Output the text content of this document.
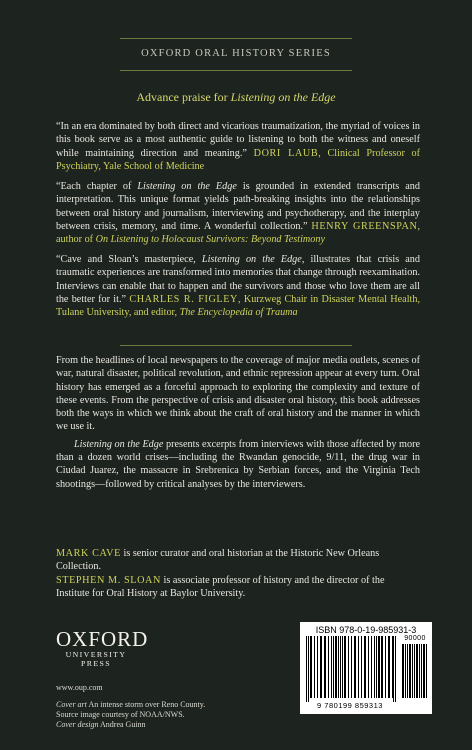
OXFORD ORAL HISTORY SERIES
Advance praise for Listening on the Edge
“In an era dominated by both direct and vicarious traumatization, the myriad of voices in this book serve as a most authentic guide to listening to both the witness and oneself while maintaining direction and meaning.” DORI LAUB, Clinical Professor of Psychiatry, Yale School of Medicine
“Each chapter of Listening on the Edge is grounded in extended transcripts and interpretation. This unique format yields path-breaking insights into the relationships between oral history and journalism, interviewing and psychotherapy, and the interplay between crisis, memory, and time. A wonderful collection.” HENRY GREENSPAN, author of On Listening to Holocaust Survivors: Beyond Testimony
“Cave and Sloan’s masterpiece, Listening on the Edge, illustrates that crisis and traumatic experiences are transformed into memories that change through reexamination. Interviews can enable that to happen and the survivors and those who love them are all the better for it.” CHARLES R. FIGLEY, Kurzweg Chair in Disaster Mental Health, Tulane University, and editor, The Encyclopedia of Trauma

From the headlines of local newspapers to the coverage of major media outlets, scenes of war, natural disaster, political revolution, and ethnic repression appear at every turn. Oral history has emerged as a forceful approach to exploring the complexity and texture of these events. From the perspective of crisis and disaster oral history, this book addresses both the ways in which we think about the craft of oral history and the manner in which we use it.

Listening on the Edge presents excerpts from interviews with those affected by more than a dozen world crises—including the Rwandan genocide, 9/11, the drug war in Ciudad Juarez, the massacre in Srebrenica by Serbian forces, and the Virginia Tech shootings—followed by critical analyses by the interviewers.

MARK CAVE is senior curator and oral historian at the Historic New Orleans Collection.
STEPHEN M. SLOAN is associate professor of history and the director of the Institute for Oral History at Baylor University.
OXFORD
UNIVERSITY PRESS
www.oup.com
Cover art An intense storm over Reno County.
Source image courtesy of NOAA/NWS.
Cover design Andrea Guinn
ISBN 978-0-19-985931-3
90000
9 780199 859313
